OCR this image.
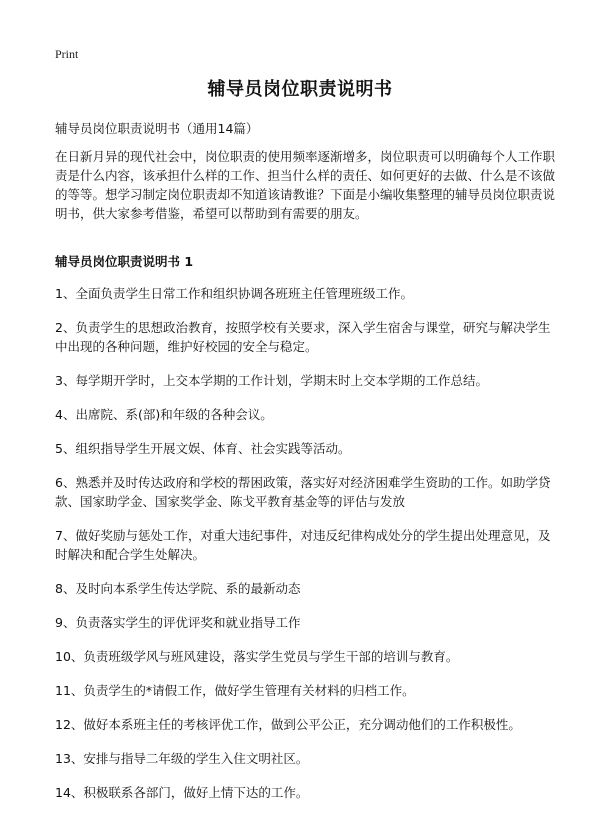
Print
辅导员岗位职责说明书
辅导员岗位职责说明书（通用14篇）

在日新月异的现代社会中，岗位职责的使用频率逐渐增多，岗位职责可以明确每个人工作职责是什么内容，该承担什么样的工作、担当什么样的责任、如何更好的去做、什么是不该做的等等。想学习制定岗位职责却不知道该请教谁？下面是小编收集整理的辅导员岗位职责说明书，供大家参考借鉴，希望可以帮助到有需要的朋友。

辅导员岗位职责说明书 1
1、全面负责学生日常工作和组织协调各班班主任管理班级工作。
2、负责学生的思想政治教育，按照学校有关要求，深入学生宿舍与课堂，研究与解决学生中出现的各种问题，维护好校园的安全与稳定。
3、每学期开学时，上交本学期的工作计划，学期末时上交本学期的工作总结。
4、出席院、系(部)和年级的各种会议。
5、组织指导学生开展文娱、体育、社会实践等活动。
6、熟悉并及时传达政府和学校的帮困政策，落实好对经济困难学生资助的工作。如助学贷款、国家助学金、国家奖学金、陈戈平教育基金等的评估与发放
7、做好奖励与惩处工作，对重大违纪事件，对违反纪律构成处分的学生提出处理意见，及时解决和配合学生处解决。
8、及时向本系学生传达学院、系的最新动态
9、负责落实学生的评优评奖和就业指导工作
10、负责班级学风与班风建设，落实学生党员与学生干部的培训与教育。
11、负责学生的*请假工作，做好学生管理有关材料的归档工作。
12、做好本系班主任的考核评优工作，做到公平公正，充分调动他们的工作积极性。
13、安排与指导二年级的学生入住文明社区。
14、积极联系各部门，做好上情下达的工作。
